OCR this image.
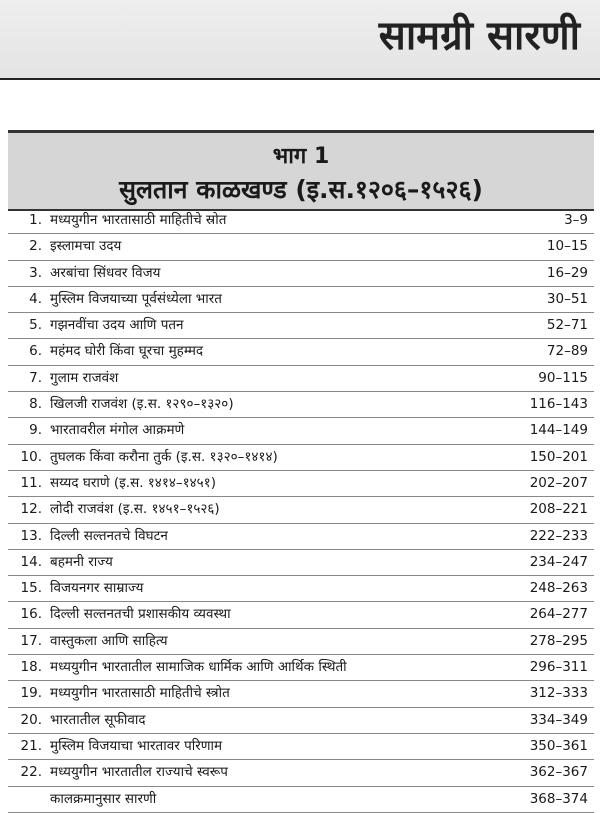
सामग्री सारणी
भाग 1
सुलतान काळखण्ड (इ.स.१२०६–१५२६)
1. मध्ययुगीन भारतासाठी माहितीचे स्रोत	3–9
2. इस्लामचा उदय	10–15
3. अरबांचा सिंधवर विजय	16–29
4. मुस्लिम विजयाच्या पूर्वसंध्येला भारत	30–51
5. गझनवींचा उदय आणि पतन	52–71
6. महंमद घोरी किंवा घूरचा मुहम्मद	72–89
7. गुलाम राजवंश	90–115
8. खिलजी राजवंश (इ.स. १२९०–१३२०)	116–143
9. भारतावरील मंगोल आक्रमणे	144–149
10. तुघलक किंवा करौना तुर्क (इ.स. १३२०–१४१४)	150–201
11. सय्यद घराणे (इ.स. १४१४–१४५१)	202–207
12. लोदी राजवंश (इ.स. १४५१–१५२६)	208–221
13. दिल्ली सल्तनतचे विघटन	222–233
14. बहमनी राज्य	234–247
15. विजयनगर साम्राज्य	248–263
16. दिल्ली सल्तनतची प्रशासकीय व्यवस्था	264–277
17. वास्तुकला आणि साहित्य	278–295
18. मध्ययुगीन भारतातील सामाजिक धार्मिक आणि आर्थिक स्थिती	296–311
19. मध्ययुगीन भारतासाठी माहितीचे स्त्रोत	312–333
20. भारतातील सूफीवाद	334–349
21. मुस्लिम विजयाचा भारतावर परिणाम	350–361
22. मध्ययुगीन भारतातील राज्याचे स्वरूप	362–367
कालक्रमानुसार सारणी	368–374
